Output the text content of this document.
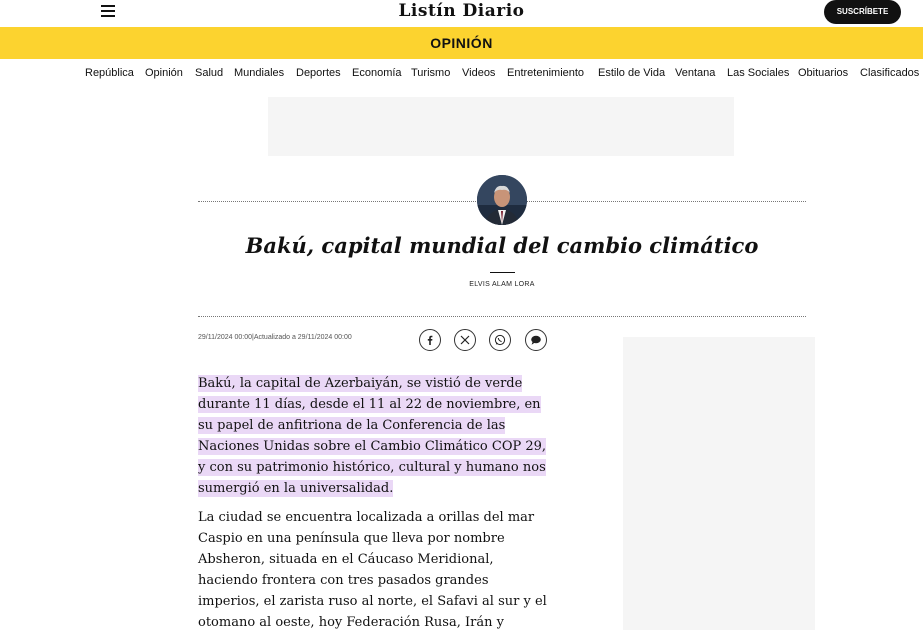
Listín Diario	SUSCRÍBETE
OPINIÓN
República Opinión Salud Mundiales Deportes Economía Turismo Videos Entretenimiento Estilo de Vida Ventana Las Sociales Obituarios Clasificados
Bakú, capital mundial del cambio climático
ELVIS ALAM LORA
29/11/2024 00:00|Actualizado a 29/11/2024 00:00

Bakú, la capital de Azerbaiyán, se vistió de verde durante 11 días, desde el 11 al 22 de noviembre, en su papel de anfitriona de la Conferencia de las Naciones Unidas sobre el Cambio Climático COP 29, y con su patrimonio histórico, cultural y humano nos sumergió en la universalidad.

La ciudad se encuentra localizada a orillas del mar Caspio en una península que lleva por nombre Absheron, situada en el Cáucaso Meridional, haciendo frontera con tres pasados grandes imperios, el zarista ruso al norte, el Safavi al sur y el otomano al oeste, hoy Federación Rusa, Irán y
